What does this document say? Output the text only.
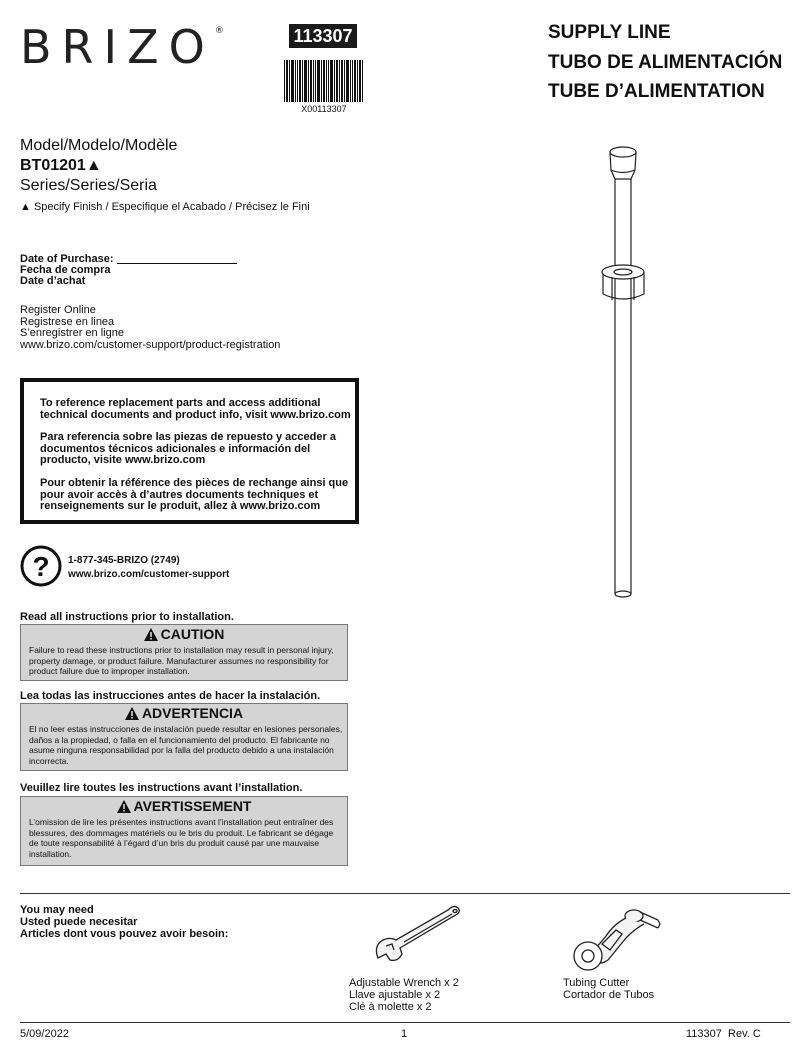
BRIZO®	113307
X00113307
SUPPLY LINE
TUBO DE ALIMENTACIÓN
TUBE D’ALIMENTATION
Model/Modelo/Modèle
BT01201▲
Series/Series/Seria
▲ Specify Finish / Especifique el Acabado / Précisez le Fini
Date of Purchase:
Fecha de compra
Date d’achat
Register Online
Registrese en linea
S’enregistrer en ligne
www.brizo.com/customer-support/product-registration
To reference replacement parts and access additional technical documents and product info, visit www.brizo.com
Para referencia sobre las piezas de repuesto y acceder a documentos técnicos adicionales e información del producto, visite www.brizo.com
Pour obtenir la référence des pièces de rechange ainsi que pour avoir accès à d’autres documents techniques et renseignements sur le produit, allez à www.brizo.com
? 1-877-345-BRIZO (2749)
www.brizo.com/customer-support
Read all instructions prior to installation.
CAUTION
Failure to read these instructions prior to installation may result in personal injury, property damage, or product failure. Manufacturer assumes no responsibility for product failure due to improper installation.
Lea todas las instrucciones antes de hacer la instalación.
ADVERTENCIA
El no leer estas instrucciones de instalación puede resultar en lesiones personales, daños a la propiedad, o falla en el funcionamiento del producto. El fabricante no asume ninguna responsabilidad por la falla del producto debido a una instalación incorrecta.
Veuillez lire toutes les instructions avant l’installation.
AVERTISSEMENT
L’omission de lire les présentes instructions avant l’installation peut entraîner des blessures, des dommages matériels ou le bris du produit. Le fabricant se dégage de toute responsabilité à l’égard d’un bris du produit causé par une mauvaise installation.
You may need
Usted puede necesitar
Articles dont vous pouvez avoir besoin:
Adjustable Wrench x 2
Llave ajustable x 2
Clé à molette x 2
Tubing Cutter
Cortador de Tubos
5/09/2022	1	113307  Rev. C
